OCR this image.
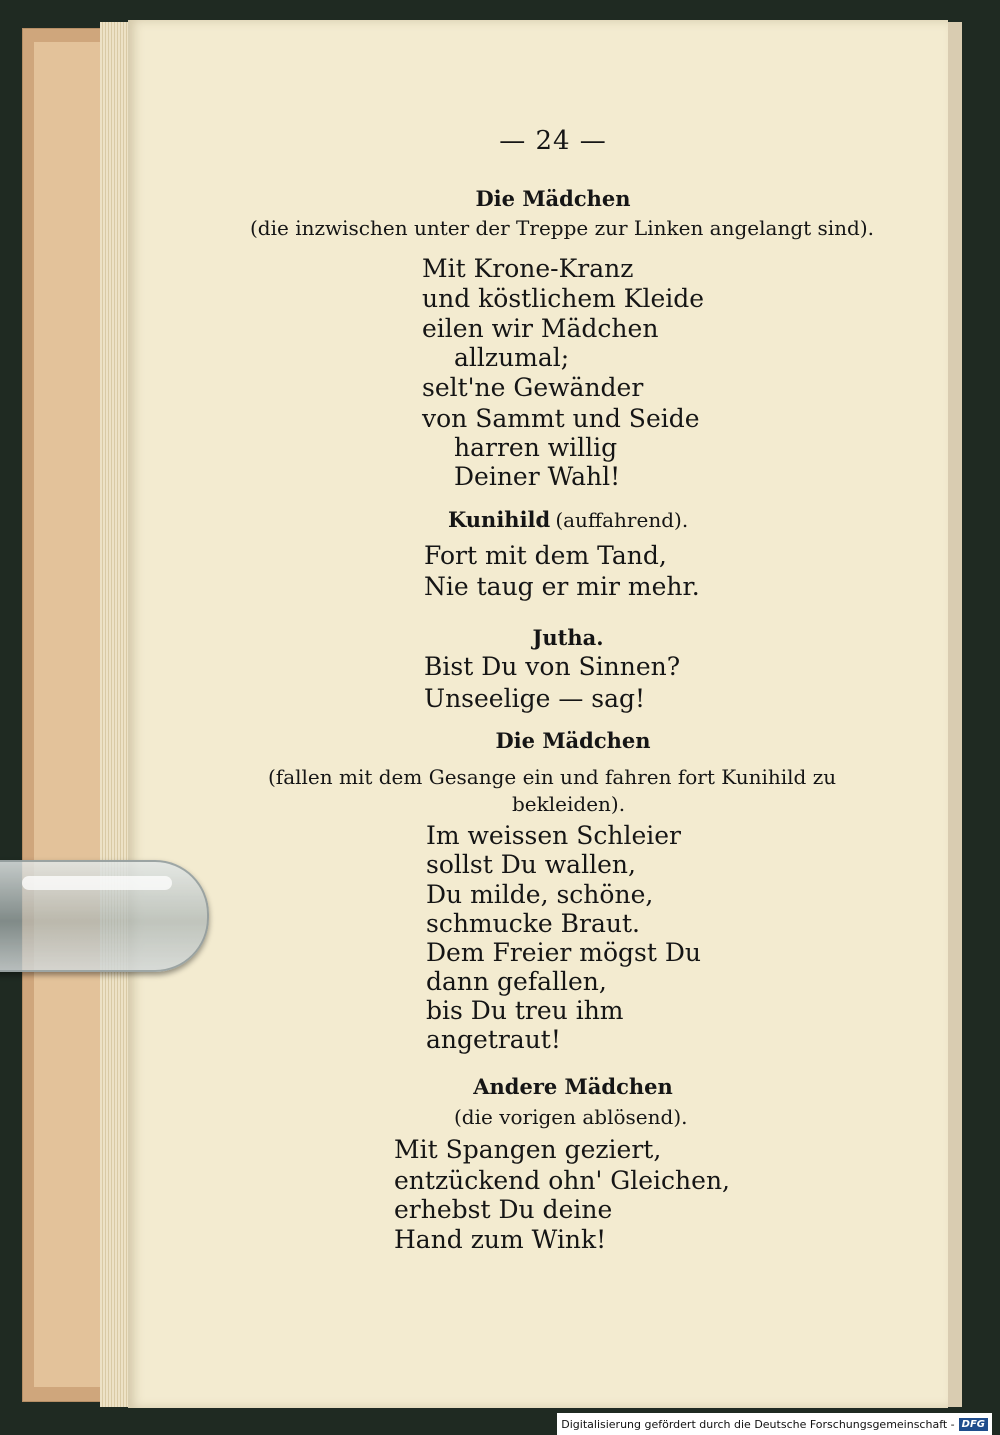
— 24 —
Die Mädchen
(die inzwischen unter der Treppe zur Linken angelangt sind).
Mit Krone-Kranz
und köstlichem Kleide
eilen wir Mädchen
allzumal;
selt'ne Gewänder
von Sammt und Seide
harren willig
Deiner Wahl!
Kunihild (auffahrend).
Fort mit dem Tand,
Nie taug er mir mehr.
Jutha.
Bist Du von Sinnen?
Unseelige — sag!
Die Mädchen
(fallen mit dem Gesange ein und fahren fort Kunihild zu
bekleiden).
Im weissen Schleier
sollst Du wallen,
Du milde, schöne,
schmucke Braut.
Dem Freier mögst Du
dann gefallen,
bis Du treu ihm
angetraut!
Andere Mädchen
(die vorigen ablösend).
Mit Spangen geziert,
entzückend ohn' Gleichen,
erhebst Du deine
Hand zum Wink!
Digitalisierung gefördert durch die Deutsche Forschungsgemeinschaft - DFG
